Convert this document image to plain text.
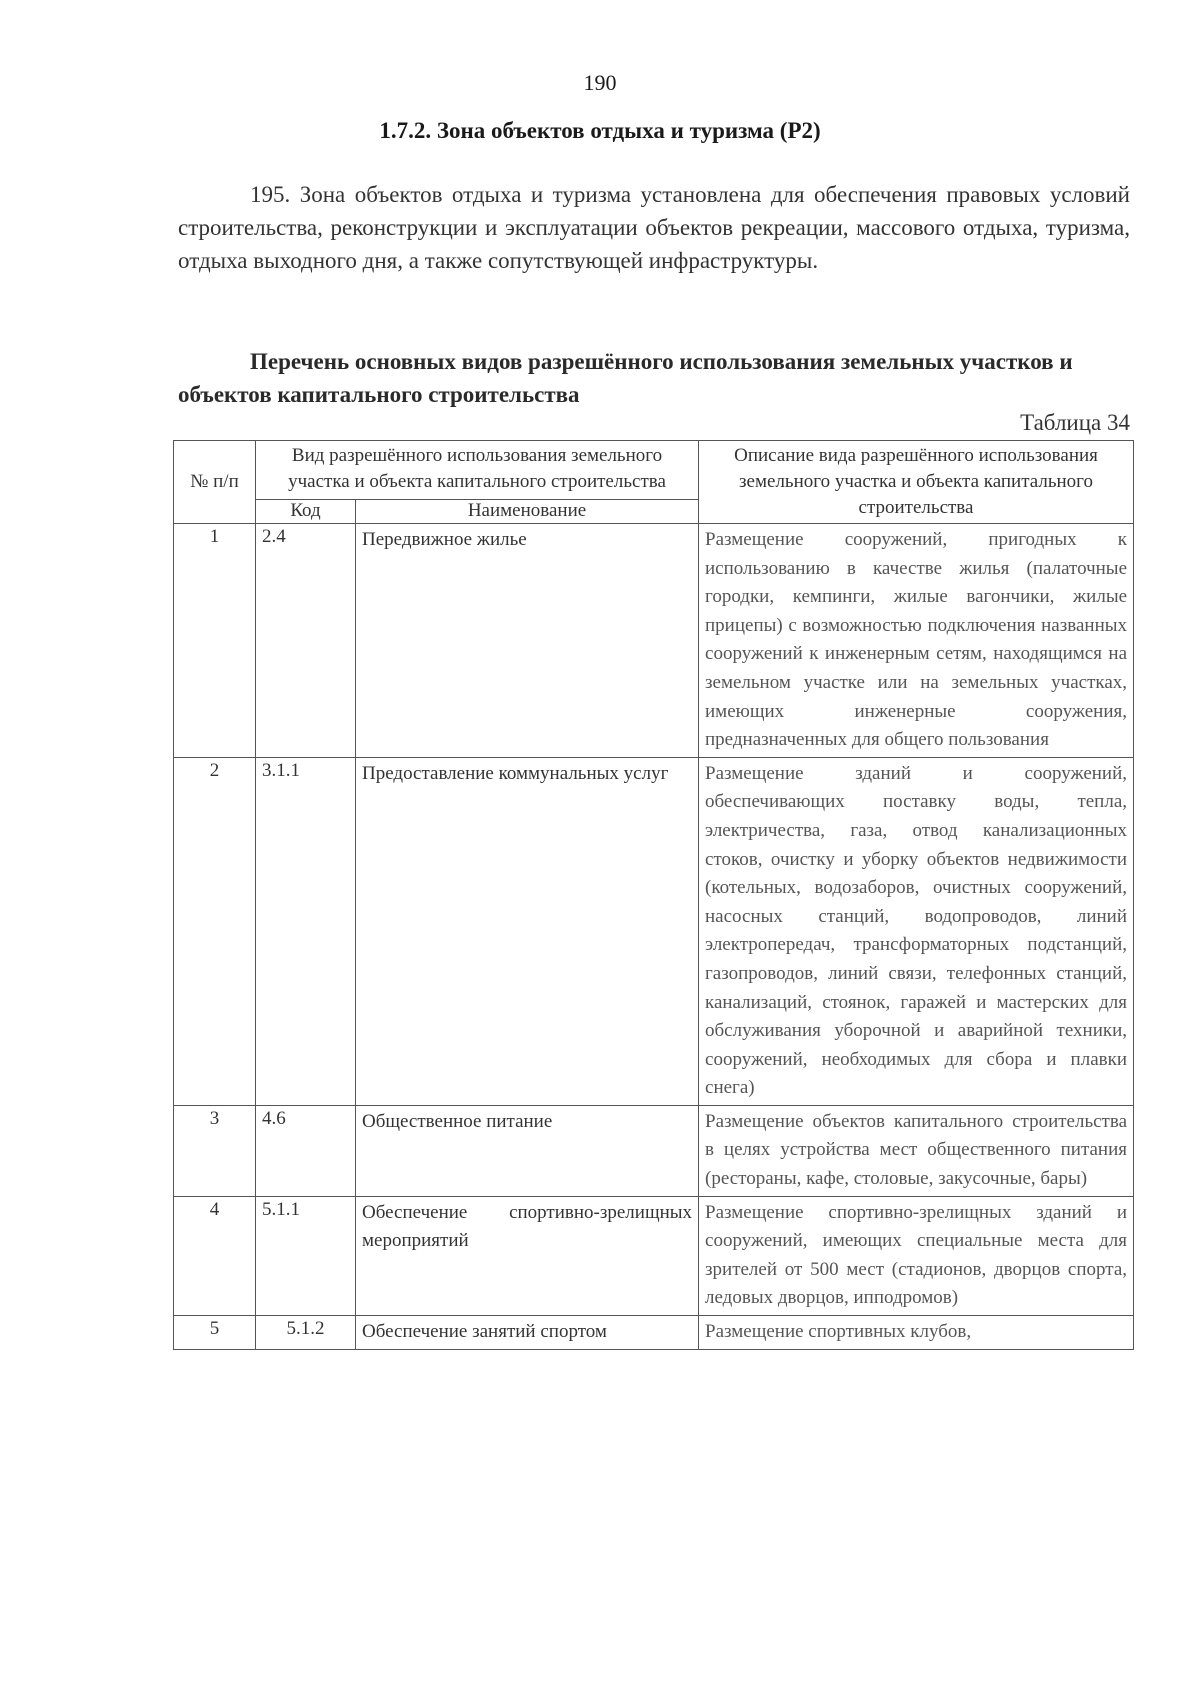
190
1.7.2. Зона объектов отдыха и туризма (Р2)
195. Зона объектов отдыха и туризма установлена для обеспечения правовых условий строительства, реконструкции и эксплуатации объектов рекреации, массового отдыха, туризма, отдыха выходного дня, а также сопутствующей инфраструктуры.
Перечень основных видов разрешённого использования земельных участков и объектов капитального строительства
Таблица 34
№ п/п	Вид разрешённого использования земельного участка и объекта капитального строительства		Описание вида разрешённого использования земельного участка и объекта капитального строительства
	Код	Наименование	
1	2.4	Передвижное жилье	Размещение сооружений, пригодных к использованию в качестве жилья (палаточные городки, кемпинги, жилые вагончики, жилые прицепы) с возможностью подключения названных сооружений к инженерным сетям, находящимся на земельном участке или на земельных участках, имеющих инженерные сооружения, предназначенных для общего пользования
2	3.1.1	Предоставление коммунальных услуг	Размещение зданий и сооружений, обеспечивающих поставку воды, тепла, электричества, газа, отвод канализационных стоков, очистку и уборку объектов недвижимости (котельных, водозаборов, очистных сооружений, насосных станций, водопроводов, линий электропередач, трансформаторных подстанций, газопроводов, линий связи, телефонных станций, канализаций, стоянок, гаражей и мастерских для обслуживания уборочной и аварийной техники, сооружений, необходимых для сбора и плавки снега)
3	4.6	Общественное питание	Размещение объектов капитального строительства в целях устройства мест общественного питания (рестораны, кафе, столовые, закусочные, бары)
4	5.1.1	Обеспечение спортивно-зрелищных мероприятий	Размещение спортивно-зрелищных зданий и сооружений, имеющих специальные места для зрителей от 500 мест (стадионов, дворцов спорта, ледовых дворцов, ипподромов)
5	5.1.2	Обеспечение занятий спортом	Размещение спортивных клубов,
